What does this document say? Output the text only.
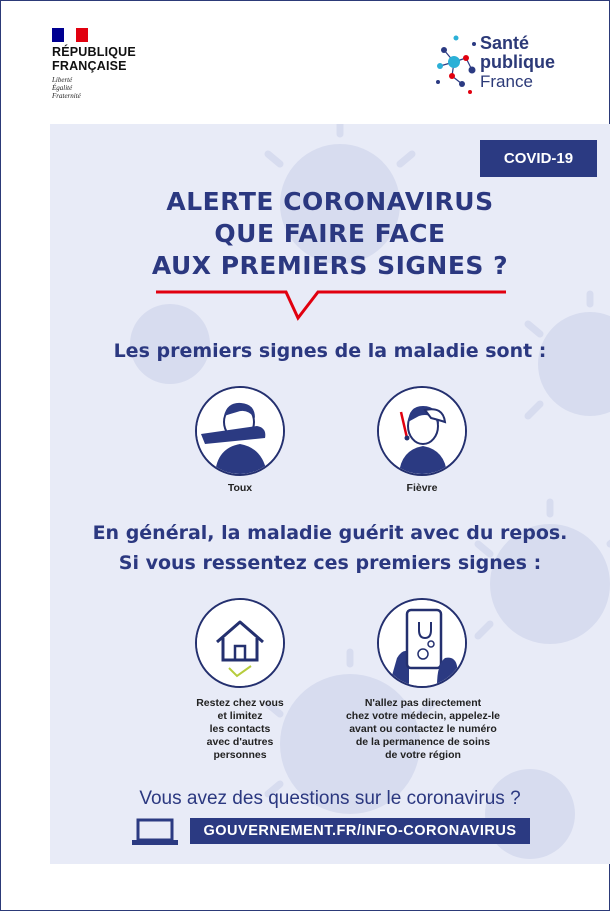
RÉPUBLIQUE
FRANÇAISE
Liberté
Égalité
Fraternité
Santé
publique
France
COVID-19
ALERTE CORONAVIRUS
QUE FAIRE FACE
AUX PREMIERS SIGNES ?
Les premiers signes de la maladie sont :
Toux	Fièvre
En général, la maladie guérit avec du repos.
Si vous ressentez ces premiers signes :
Restez chez vous
et limitez
les contacts
avec d'autres
personnes
N'allez pas directement
chez votre médecin, appelez-le
avant ou contactez le numéro
de la permanence de soins
de votre région
Vous avez des questions sur le coronavirus ?
GOUVERNEMENT.FR/INFO-CORONAVIRUS
